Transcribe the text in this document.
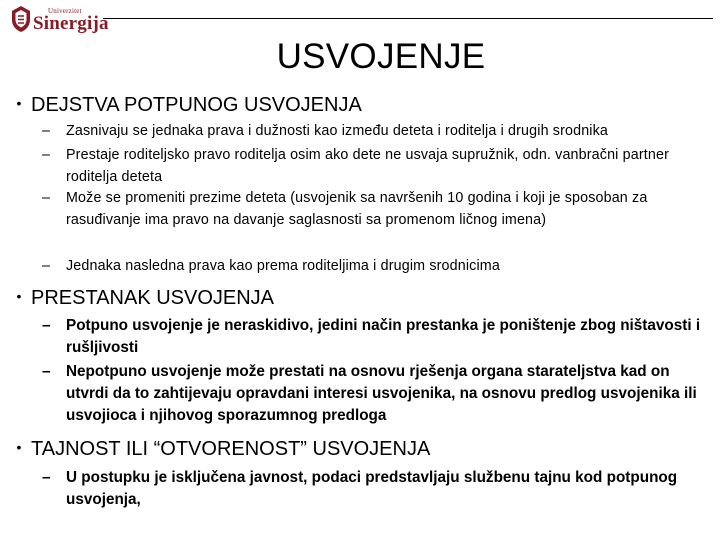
Univerzitet
Sinergija
USVOJENJE
• DEJSTVA POTPUNOG USVOJENJA
–	Zasnivaju se jednaka prava i dužnosti kao između deteta i roditelja i drugih srodnika
–	Prestaje roditeljsko pravo roditelja osim ako dete ne usvaja supružnik, odn. vanbračni partner roditelja deteta
–	Može se promeniti prezime deteta (usvojenik sa navršenih 10 godina i koji je sposoban za rasuđivanje ima pravo na davanje saglasnosti sa promenom ličnog imena)
–	Jednaka nasledna prava kao prema roditeljima i drugim srodnicima
• PRESTANAK USVOJENJA
–	Potpuno usvojenje je neraskidivo, jedini način prestanka je poništenje zbog ništavosti i rušljivosti
–	Nepotpuno usvojenje može prestati na osnovu rješenja organa starateljstva kad on utvrdi da to zahtijevaju opravdani interesi usvojenika, na osnovu predlog usvojenika ili usvojioca i njihovog sporazumnog predloga
• TAJNOST ILI “OTVORENOST” USVOJENJA
–	U postupku je isključena javnost, podaci predstavljaju službenu tajnu kod potpunog usvojenja,
